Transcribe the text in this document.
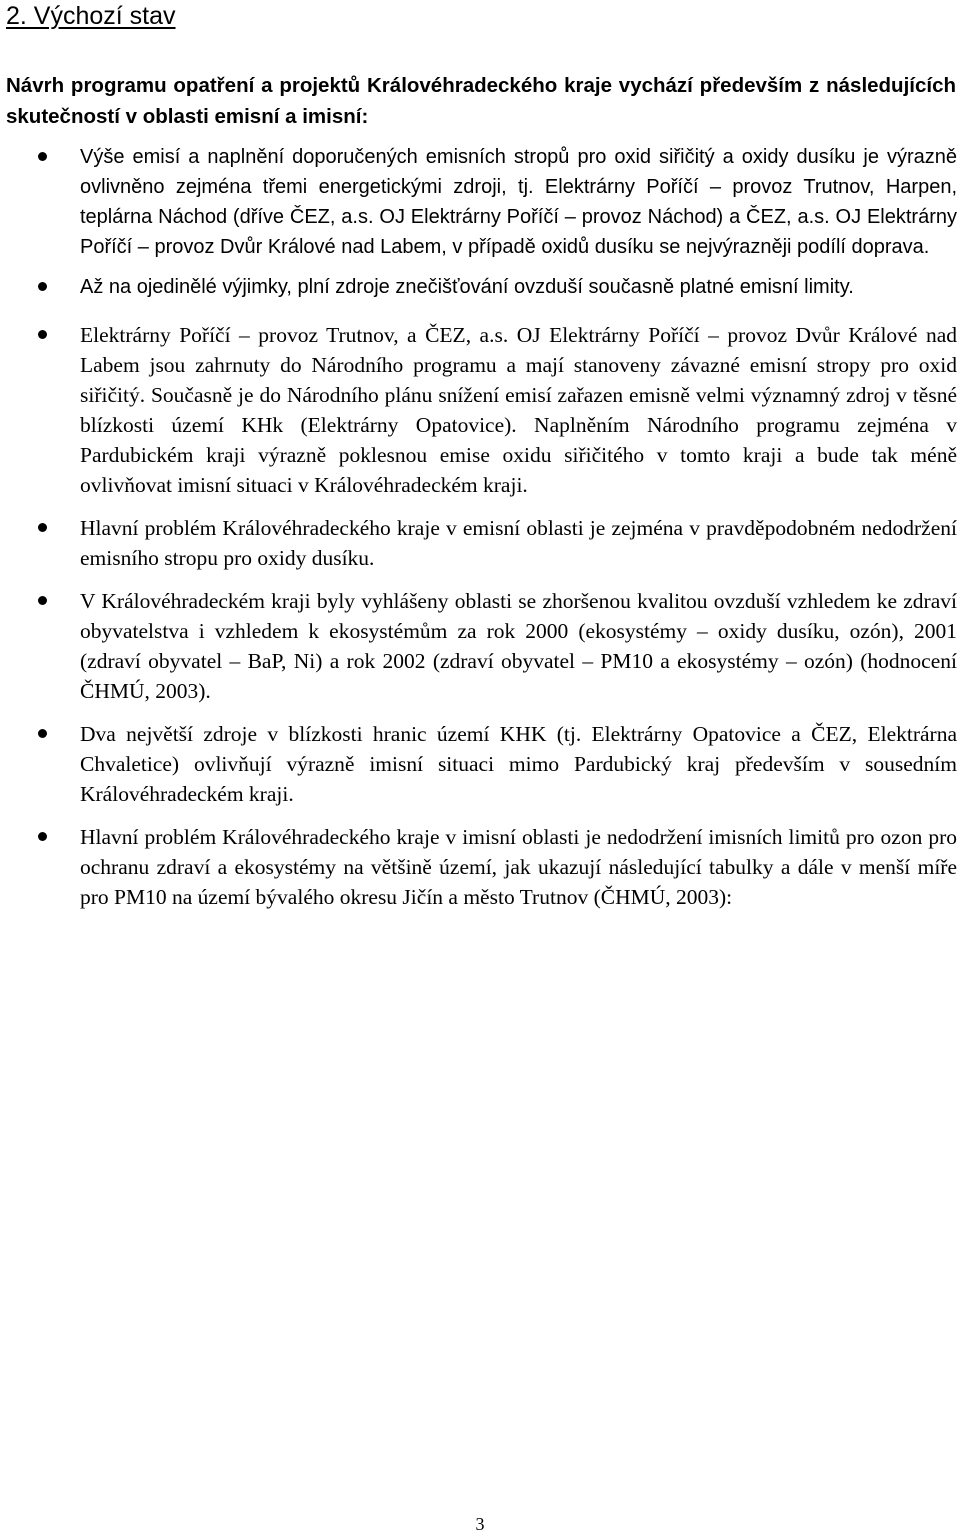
2. Výchozí stav
Návrh programu opatření a projektů Královéhradeckého kraje vychází především z následujících skutečností v oblasti emisní a imisní:
Výše emisí a naplnění doporučených emisních stropů pro oxid siřičitý a oxidy dusíku je výrazně ovlivněno zejména třemi energetickými zdroji, tj. Elektrárny Poříčí – provoz Trutnov, Harpen, teplárna Náchod (dříve ČEZ, a.s. OJ Elektrárny Poříčí – provoz Náchod) a ČEZ, a.s. OJ Elektrárny Poříčí – provoz Dvůr Králové nad Labem, v případě oxidů dusíku se nejvýrazněji podílí doprava.
Až na ojedinělé výjimky, plní zdroje znečišťování ovzduší současně platné emisní limity.
Elektrárny Poříčí – provoz Trutnov, a ČEZ, a.s. OJ Elektrárny Poříčí – provoz Dvůr Králové nad Labem jsou zahrnuty do Národního programu a mají stanoveny závazné emisní stropy pro oxid siřičitý. Současně je do Národního plánu snížení emisí zařazen emisně velmi významný zdroj v těsné blízkosti území KHk (Elektrárny Opatovice). Naplněním Národního programu zejména v Pardubickém kraji výrazně poklesnou emise oxidu siřičitého v tomto kraji a bude tak méně ovlivňovat imisní situaci v Královéhradeckém kraji.
Hlavní problém Královéhradeckého kraje v emisní oblasti je zejména v pravděpodobném nedodržení emisního stropu pro oxidy dusíku.
V Královéhradeckém kraji byly vyhlášeny oblasti se zhoršenou kvalitou ovzduší vzhledem ke zdraví obyvatelstva i vzhledem k ekosystémům za rok 2000 (ekosystémy – oxidy dusíku, ozón), 2001 (zdraví obyvatel – BaP, Ni) a rok 2002 (zdraví obyvatel – PM10 a ekosystémy – ozón) (hodnocení ČHMÚ, 2003).
Dva největší zdroje v blízkosti hranic území KHK (tj. Elektrárny Opatovice a ČEZ, Elektrárna Chvaletice) ovlivňují výrazně imisní situaci mimo Pardubický kraj především v sousedním Královéhradeckém kraji.
Hlavní problém Královéhradeckého kraje v imisní oblasti je nedodržení imisních limitů pro ozon pro ochranu zdraví a ekosystémy na většině území, jak ukazují následující tabulky a dále v menší míře pro PM10 na území bývalého okresu Jičín a město Trutnov (ČHMÚ, 2003):
3
